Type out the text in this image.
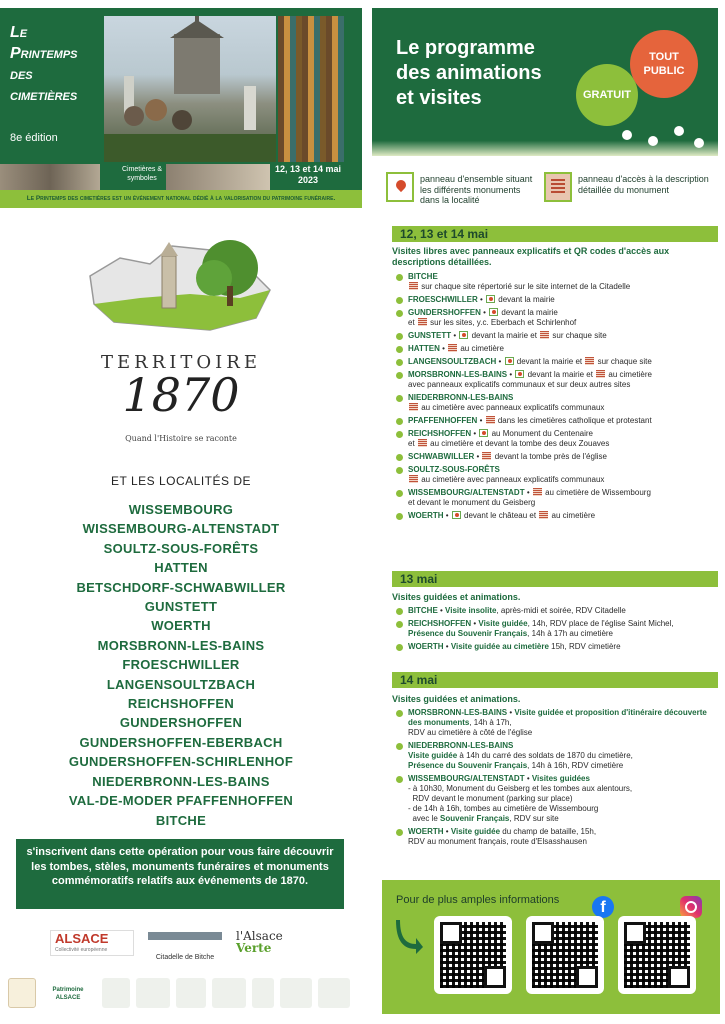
Le
Printemps
des
cimetières
8e édition
Cimetières & symboles
12, 13 et 14 mai 2023
Le Printemps des cimetières est un événement national dédié à la valorisation du patrimoine funéraire.
TERRITOIRE
1870
Quand l'Histoire se raconte
ET LES LOCALITÉS DE
WISSEMBOURG
WISSEMBOURG-ALTENSTADT
SOULTZ-SOUS-FORÊTS
HATTEN
BETSCHDORF-SCHWABWILLER
GUNSTETT
WOERTH
MORSBRONN-LES-BAINS
FROESCHWILLER
LANGENSOULTZBACH
REICHSHOFFEN
GUNDERSHOFFEN
GUNDERSHOFFEN-EBERBACH
GUNDERSHOFFEN-SCHIRLENHOF
NIEDERBRONN-LES-BAINS
VAL-DE-MODER PFAFFENHOFFEN
BITCHE
s'inscrivent dans cette opération pour vous faire découvrir les tombes, stèles, monuments funéraires et monuments commémoratifs relatifs aux événements de 1870.
ALSACE
Collectivité européenne
Citadelle de Bitche
l'Alsace
Verte
Patrimoine ALSACE
Le programme
des animations
et visites
TOUT PUBLIC
GRATUIT
panneau d'ensemble situant les différents monuments dans la localité
panneau d'accès à la description détaillée du monument
12, 13 et 14 mai
Visites libres avec panneaux explicatifs et QR codes d'accès aux descriptions détaillées.
BITCHE
sur chaque site répertorié sur le site internet de la Citadelle
FROESCHWILLER •  devant la mairie
GUNDERSHOFFEN •  devant la mairie
et  sur les sites, y.c. Eberbach et Schirlenhof
GUNSTETT •  devant la mairie et  sur chaque site
HATTEN •  au cimetière
LANGENSOULTZBACH •  devant la mairie et  sur chaque site
MORSBRONN-LES-BAINS •  devant la mairie et  au cimetière
avec panneaux explicatifs communaux et sur deux autres sites
NIEDERBRONN-LES-BAINS
au cimetière avec panneaux explicatifs communaux
PFAFFENHOFFEN •  dans les cimetières catholique et protestant
REICHSHOFFEN •  au Monument du Centenaire
et  au cimetière et devant la tombe des deux Zouaves
SCHWABWILLER •  devant la tombe près de l'église
SOULTZ-SOUS-FORÊTS
au cimetière avec panneaux explicatifs communaux
WISSEMBOURG/ALTENSTADT •  au cimetière de Wissembourg
et devant le monument du Geisberg
WOERTH •  devant le château et  au cimetière
13 mai
Visites guidées et animations.
BITCHE • Visite insolite, après-midi et soirée, RDV Citadelle
REICHSHOFFEN • Visite guidée, 14h, RDV place de l'église Saint Michel,
Présence du Souvenir Français, 14h à 17h au cimetière
WOERTH • Visite guidée au cimetière 15h, RDV cimetière
14 mai
Visites guidées et animations.
MORSBRONN-LES-BAINS • Visite guidée et proposition d'itinéraire découverte des monuments, 14h à 17h,
RDV au cimetière à côté de l'église
NIEDERBRONN-LES-BAINS
Visite guidée à 14h du carré des soldats de 1870 du cimetière,
Présence du Souvenir Français, 14h à 16h, RDV cimetière
WISSEMBOURG/ALTENSTADT • Visites guidées
- à 10h30, Monument du Geisberg et les tombes aux alentours,
RDV devant le monument (parking sur place)
- de 14h à 16h, tombes au cimetière de Wissembourg
avec le Souvenir Français, RDV sur site
WOERTH • Visite guidée du champ de bataille, 15h,
RDV au monument français, route d'Elsasshausen
Pour de plus amples informations	f
